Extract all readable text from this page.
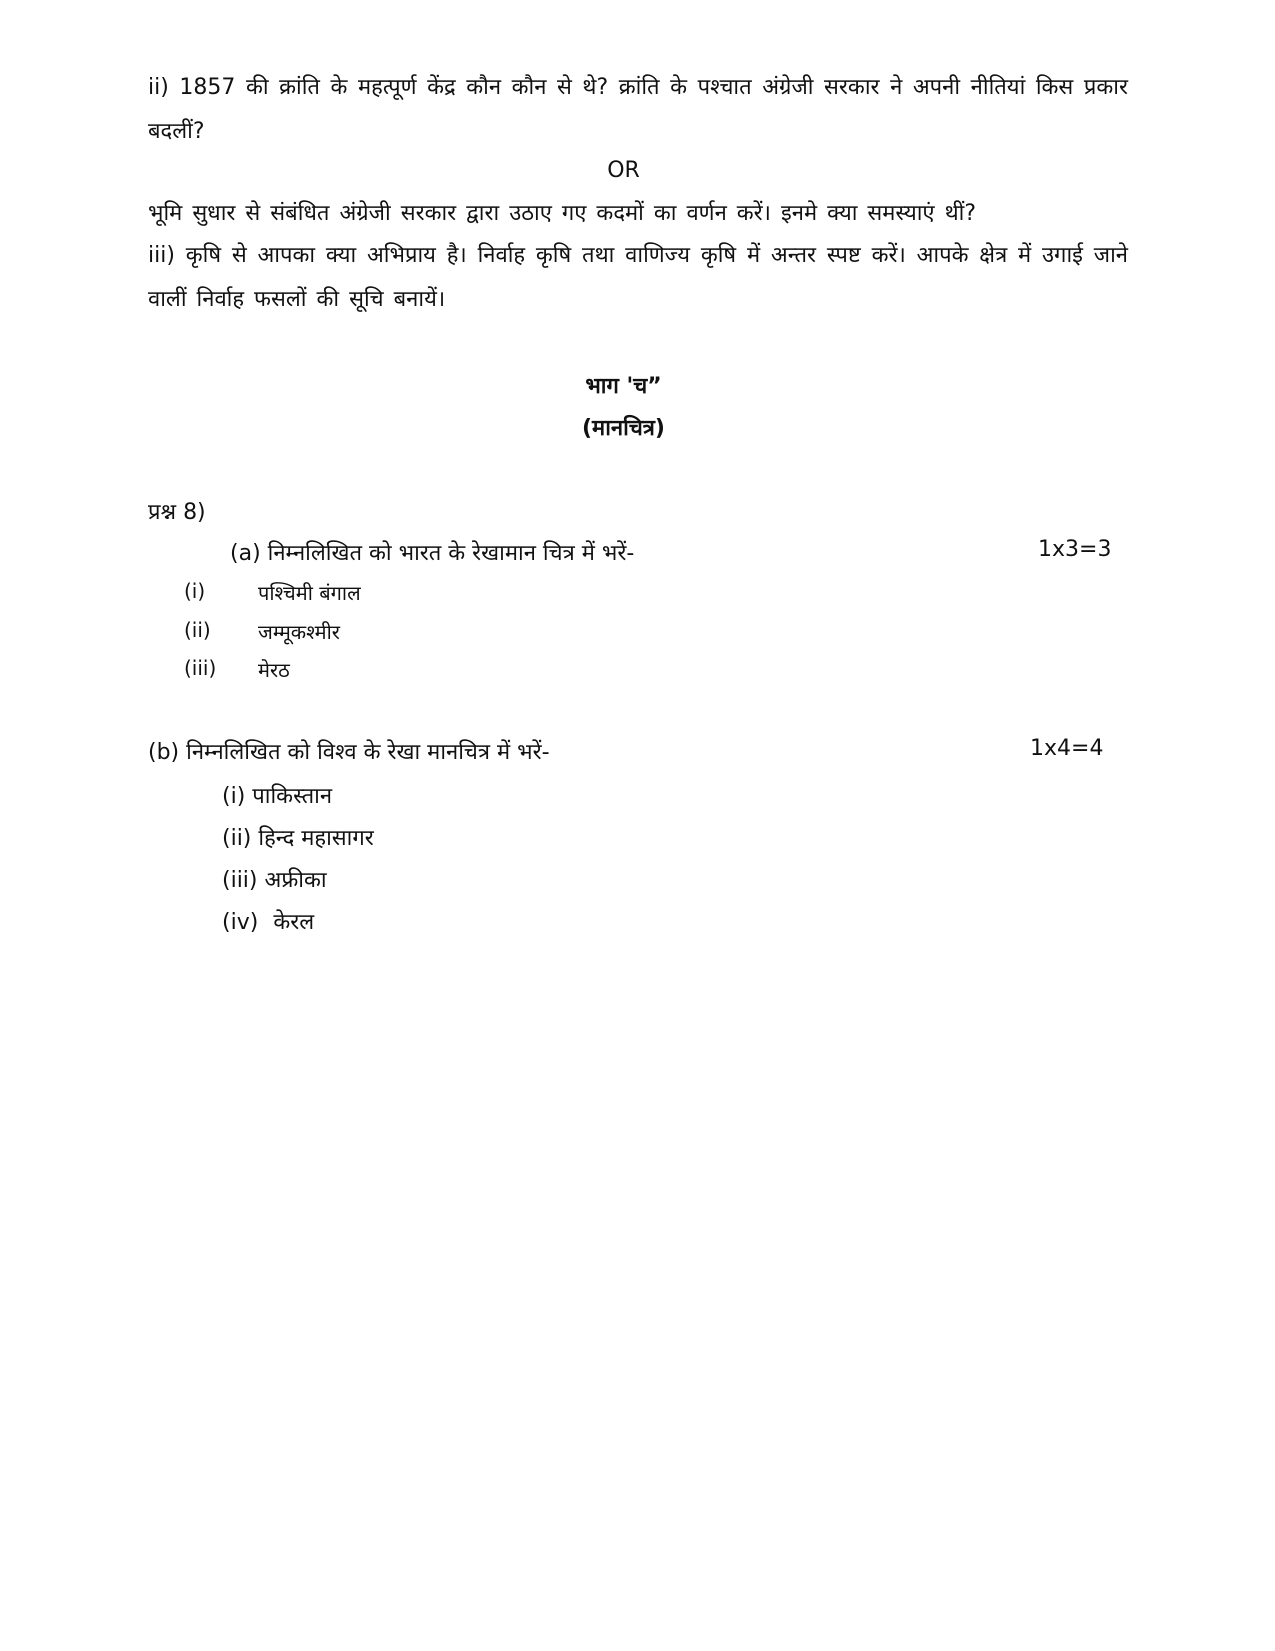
ii) 1857 की क्रांति के महत्पूर्ण केंद्र कौन कौन से थे? क्रांति के पश्चात अंग्रेजी सरकार ने अपनी नीतियां किस प्रकार बदलीं?

OR

भूमि सुधार से संबंधित अंग्रेजी सरकार द्वारा उठाए गए कदमों का वर्णन करें। इनमे क्या समस्याएं थीं?

iii) कृषि से आपका क्या अभिप्राय है। निर्वाह कृषि तथा वाणिज्य कृषि में अन्तर स्पष्ट करें। आपके क्षेत्र में उगाई जाने वालीं निर्वाह फसलों की सूचि बनायें।

भाग 'च”

(मानचित्र)

प्रश्न 8)

(a) निम्नलिखित को भारत के रेखामान चित्र में भरें-	1x3=3

(i)	पश्चिमी बंगाल

(ii) जम्मूकश्मीर

(iii) मेरठ

(b) निम्नलिखित को विश्व के रेखा मानचित्र में भरें-	1x4=4

(i) पाकिस्तान

(ii) हिन्द महासागर

(iii) अफ्रीका

(iv) केरल
